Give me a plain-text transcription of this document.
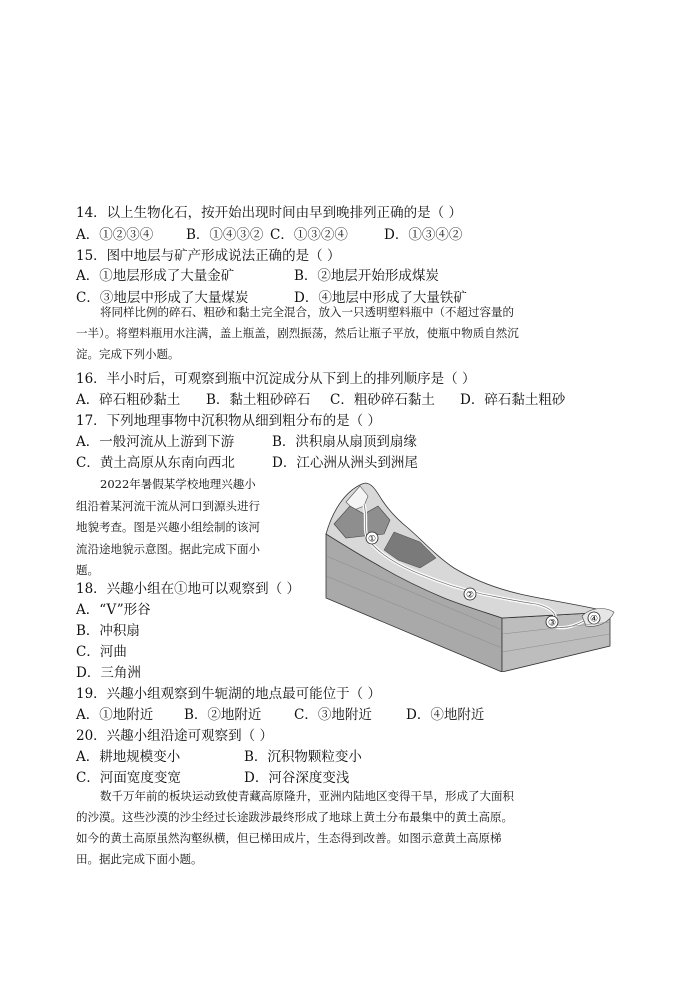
14．以上生物化石，按开始出现时间由早到晚排列正确的是（ ）
A．①②③④ B．①④③② C．①③②④	D．①③④②
15．图中地层与矿产形成说法正确的是（ ）
A．①地层形成了大量金矿	B．②地层开始形成煤炭
C．③地层中形成了大量煤炭	D．④地层中形成了大量铁矿
将同样比例的碎石、粗砂和黏土完全混合，放入一只透明塑料瓶中（不超过容量的
一半）。将塑料瓶用水注满，盖上瓶盖，剧烈振荡，然后让瓶子平放，使瓶中物质自然沉
淀。完成下列小题。
16．半小时后，可观察到瓶中沉淀成分从下到上的排列顺序是（ ）
A．碎石粗砂黏土 B．黏土粗砂碎石 C．粗砂碎石黏土 D．碎石黏土粗砂
17．下列地理事物中沉积物从细到粗分布的是（ ）
A．一般河流从上游到下游	B．洪积扇从扇顶到扇缘
C．黄土高原从东南向西北	D．江心洲从洲头到洲尾
2022年暑假某学校地理兴趣小
组沿着某河流干流从河口到源头进行
地貌考查。图是兴趣小组绘制的该河
流沿途地貌示意图。据此完成下面小
题。
①
②
③	④
18．兴趣小组在①地可以观察到（ ）
A．“V”形谷
B．冲积扇
C．河曲
D．三角洲
19．兴趣小组观察到牛轭湖的地点最可能位于（ ）
A．①地附近 B．②地附近 C．③地附近	D．④地附近
20．兴趣小组沿途可观察到（ ）
A．耕地规模变小	B．沉积物颗粒变小
C．河面宽度变宽	D．河谷深度变浅
数千万年前的板块运动致使青藏高原隆升，亚洲内陆地区变得干旱，形成了大面积
的沙漠。这些沙漠的沙尘经过长途跋涉最终形成了地球上黄土分布最集中的黄土高原。
如今的黄土高原虽然沟壑纵横，但已梯田成片，生态得到改善。如图示意黄土高原梯
田。据此完成下面小题。
